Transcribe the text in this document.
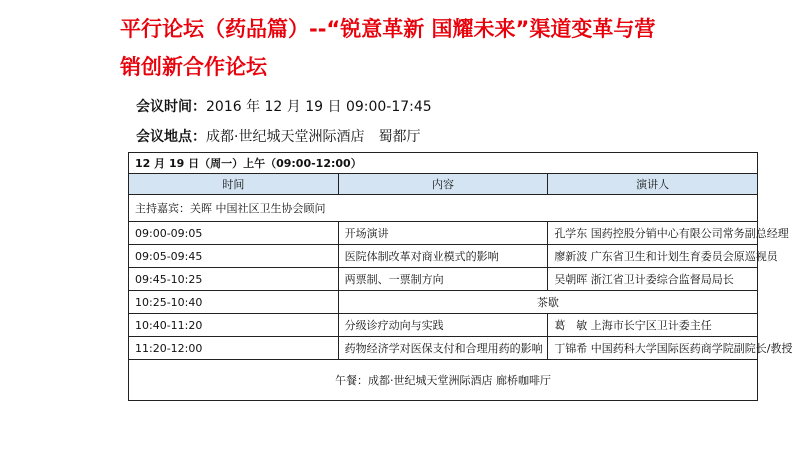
平行论坛（药品篇）--“锐意革新 国耀未来”渠道变革与营
销创新合作论坛
会议时间：2016 年 12 月 19 日 09:00-17:45
会议地点：成都·世纪城天堂洲际酒店　蜀都厅
12 月 19 日（周一）上午（09:00-12:00）		
时间	内容	演讲人
主持嘉宾：关晖 中国社区卫生协会顾问		
09:00-09:05	开场演讲	孔学东 国药控股分销中心有限公司常务副总经理
09:05-09:45	医院体制改革对商业模式的影响	廖新波 广东省卫生和计划生育委员会原巡视员
09:45-10:25	两票制、一票制方向	吴朝晖 浙江省卫计委综合监督局局长
10:25-10:40	茶歇	
10:40-11:20	分级诊疗动向与实践	葛　敏 上海市长宁区卫计委主任
11:20-12:00	药物经济学对医保支付和合理用药的影响	丁锦希 中国药科大学国际医药商学院副院长/教授
午餐：成都·世纪城天堂洲际酒店 廊桥咖啡厅		
